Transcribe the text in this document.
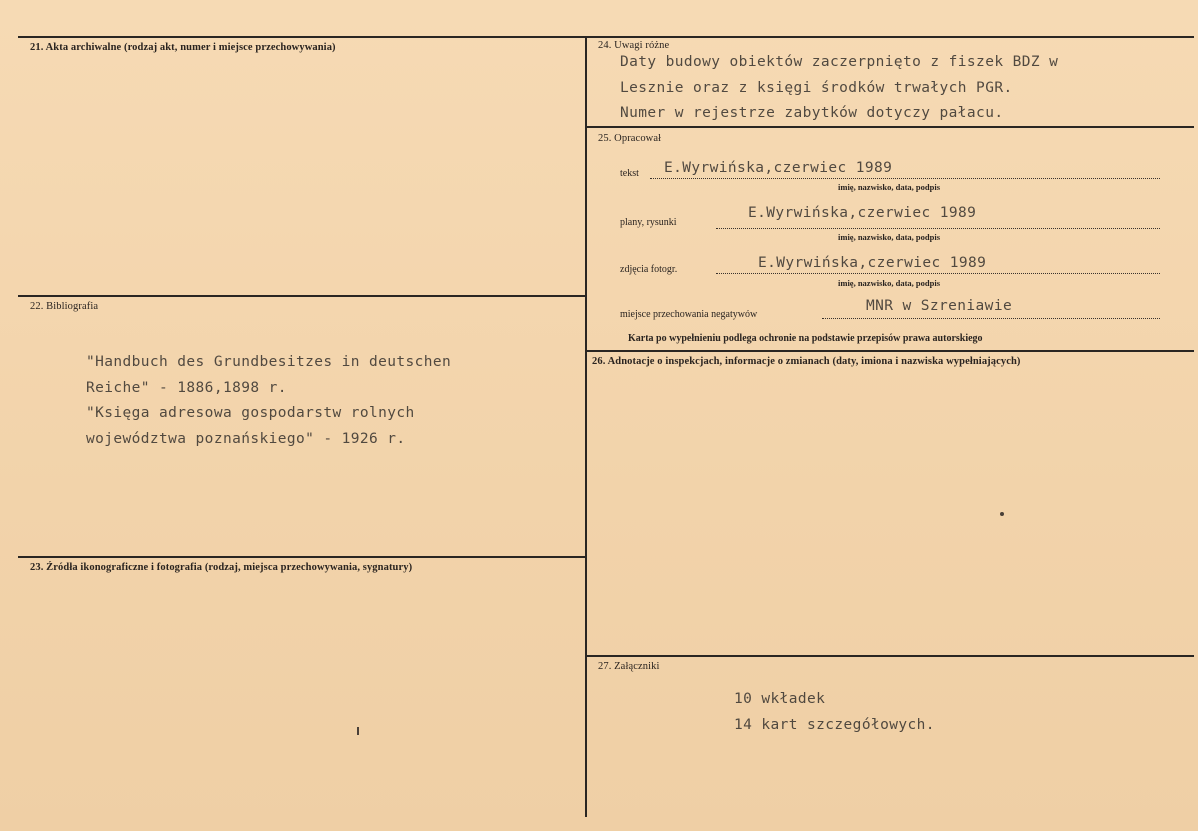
21. Akta archiwalne (rodzaj akt, numer i miejsce przechowywania)
22. Bibliografia
"Handbuch des Grundbesitzes in deutschen
Reiche" - 1886,1898 r.
"Księga adresowa gospodarstw rolnych
województwa poznańskiego" - 1926 r.
23. Źródła ikonograficzne i fotografia (rodzaj, miejsca przechowywania, sygnatury)
24. Uwagi różne
Daty budowy obiektów zaczerpnięto z fiszek BDZ w
Lesznie oraz z księgi środków trwałych PGR.
Numer w rejestrze zabytków dotyczy pałacu.
25. Opracował
tekst E.Wyrwińska,czerwiec 1989
imię, nazwisko, data, podpis
plany, rysunki
E.Wyrwińska,czerwiec 1989
imię, nazwisko, data, podpis
zdjęcia fotogr.	E.Wyrwińska,czerwiec 1989
imię, nazwisko, data, podpis
miejsce przechowania negatywów
MNR w Szreniawie
Karta po wypełnieniu podlega ochronie na podstawie przepisów prawa autorskiego
26. Adnotacje o inspekcjach, informacje o zmianach (daty, imiona i nazwiska wypełniających)
27. Załączniki
10 wkładek
14 kart szczegółowych.
